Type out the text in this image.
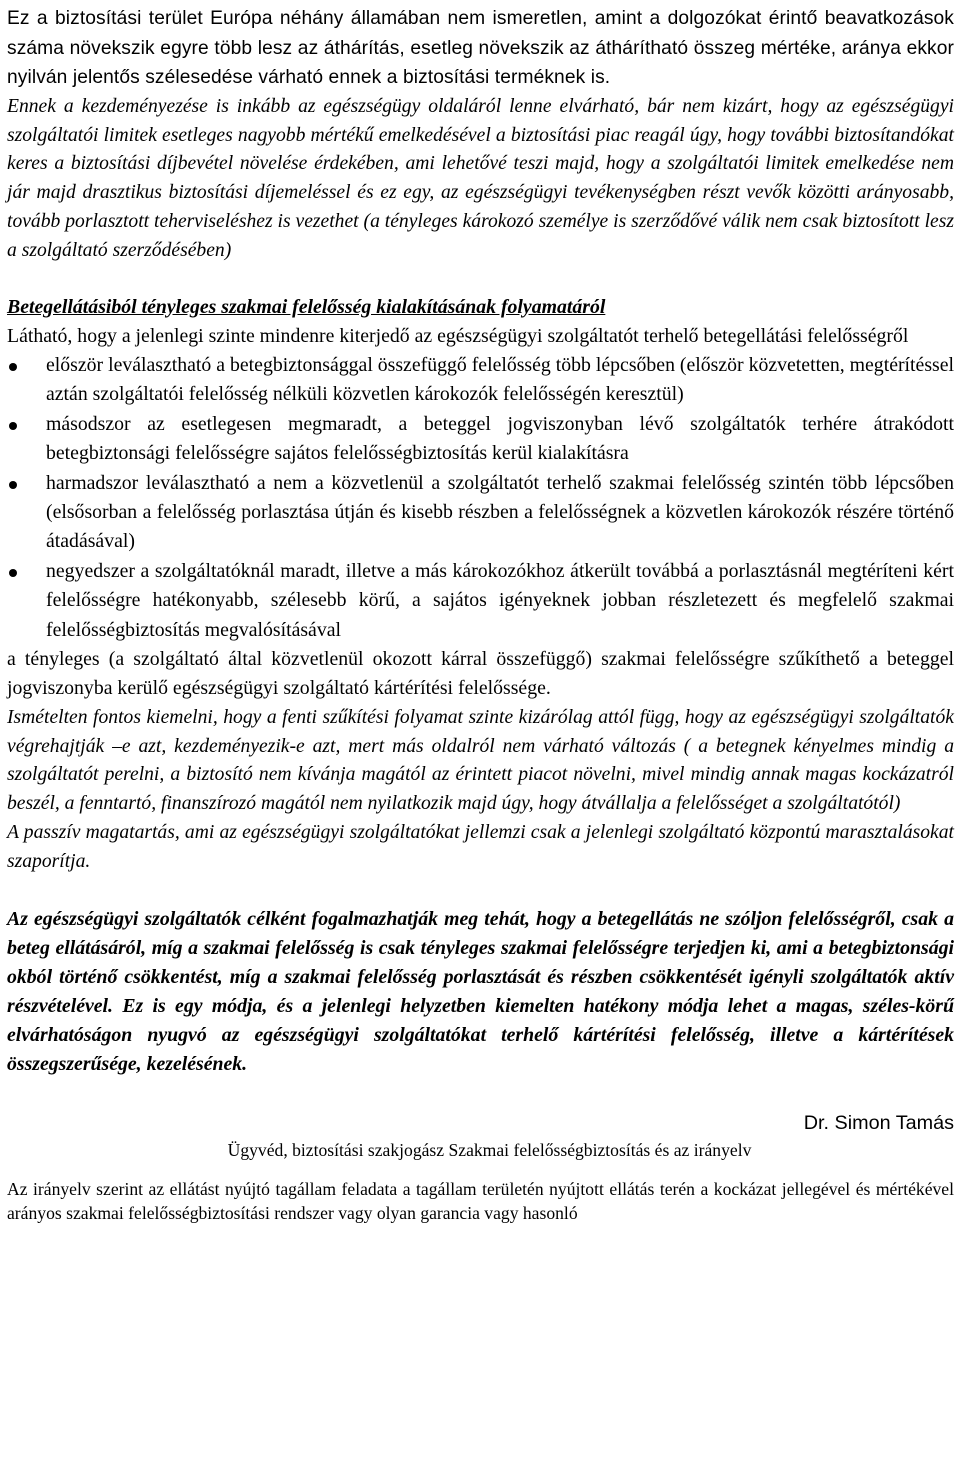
Ez a biztosítási terület Európa néhány államában nem ismeretlen, amint a dolgozókat érintő beavatkozások száma növekszik egyre több lesz az áthárítás, esetleg növekszik az áthárítható összeg mértéke, aránya ekkor nyilván jelentős szélesedése várható ennek a biztosítási terméknek is.

Ennek a kezdeményezése is inkább az egészségügy oldaláról lenne elvárható, bár nem kizárt, hogy az egészségügyi szolgáltatói limitek esetleges nagyobb mértékű emelkedésével a biztosítási piac reagál úgy, hogy további biztosítandókat keres a biztosítási díjbevétel növelése érdekében, ami lehetővé teszi majd, hogy a szolgáltatói limitek emelkedése nem jár majd drasztikus biztosítási díjemeléssel és ez egy, az egészségügyi tevékenységben részt vevők közötti arányosabb, tovább porlasztott teherviseléshez is vezethet (a tényleges károkozó személye is szerződővé válik nem csak biztosított lesz a szolgáltató szerződésében)

Betegellátásiból tényleges szakmai felelősség kialakításának folyamatáról

Látható, hogy a jelenlegi szinte mindenre kiterjedő az egészségügyi szolgáltatót terhelő betegellátási felelősségről

először leválasztható a betegbiztonsággal összefüggő felelősség több lépcsőben (először közvetetten, megtérítéssel aztán szolgáltatói felelősség nélküli közvetlen károkozók felelősségén keresztül)
másodszor az esetlegesen megmaradt, a beteggel jogviszonyban lévő szolgáltatók terhére átrakódott betegbiztonsági felelősségre sajátos felelősségbiztosítás kerül kialakításra
harmadszor leválasztható a nem a közvetlenül a szolgáltatót terhelő szakmai felelősség szintén több lépcsőben (elsősorban a felelősség porlasztása útján és kisebb részben a felelősségnek a közvetlen károkozók részére történő átadásával)
negyedszer a szolgáltatóknál maradt, illetve a más károkozókhoz átkerült továbbá a porlasztásnál megtéríteni kért felelősségre hatékonyabb, szélesebb körű, a sajátos igényeknek jobban részletezett és megfelelő szakmai felelősségbiztosítás megvalósításával

a tényleges (a szolgáltató által közvetlenül okozott kárral összefüggő) szakmai felelősségre szűkíthető a beteggel jogviszonyba kerülő egészségügyi szolgáltató kártérítési felelőssége.

Ismételten fontos kiemelni, hogy a fenti szűkítési folyamat szinte kizárólag attól függ, hogy az egészségügyi szolgáltatók végrehajtják –e azt, kezdeményezik-e azt, mert más oldalról nem várható változás ( a betegnek kényelmes mindig a szolgáltatót perelni, a biztosító nem kívánja magától az érintett piacot növelni, mivel mindig annak magas kockázatról beszél, a fenntartó, finanszírozó magától nem nyilatkozik majd úgy, hogy átvállalja a felelősséget a szolgáltatótól)

A passzív magatartás, ami az egészségügyi szolgáltatókat jellemzi csak a jelenlegi szolgáltató központú marasztalásokat szaporítja.

Az egészségügyi szolgáltatók célként fogalmazhatják meg tehát, hogy a betegellátás ne szóljon felelősségről, csak a beteg ellátásáról, míg a szakmai felelősség is csak tényleges szakmai felelősségre terjedjen ki, ami a betegbiztonsági okból történő csökkentést, míg a szakmai felelősség porlasztását és részben csökkentését igényli szolgáltatók aktív részvételével. Ez is egy módja, és a jelenlegi helyzetben kiemelten hatékony módja lehet a magas, széles-körű elvárhatóságon nyugvó az egészségügyi szolgáltatókat terhelő kártérítési felelősség, illetve a kártérítések összegszerűsége, kezelésének.

Dr. Simon Tamás

Ügyvéd, biztosítási szakjogász Szakmai felelősségbiztosítás és az irányelv

Az irányelv szerint az ellátást nyújtó tagállam feladata a tagállam területén nyújtott ellátás terén a kockázat jellegével és mértékével arányos szakmai felelősségbiztosítási rendszer vagy olyan garancia vagy hasonló
